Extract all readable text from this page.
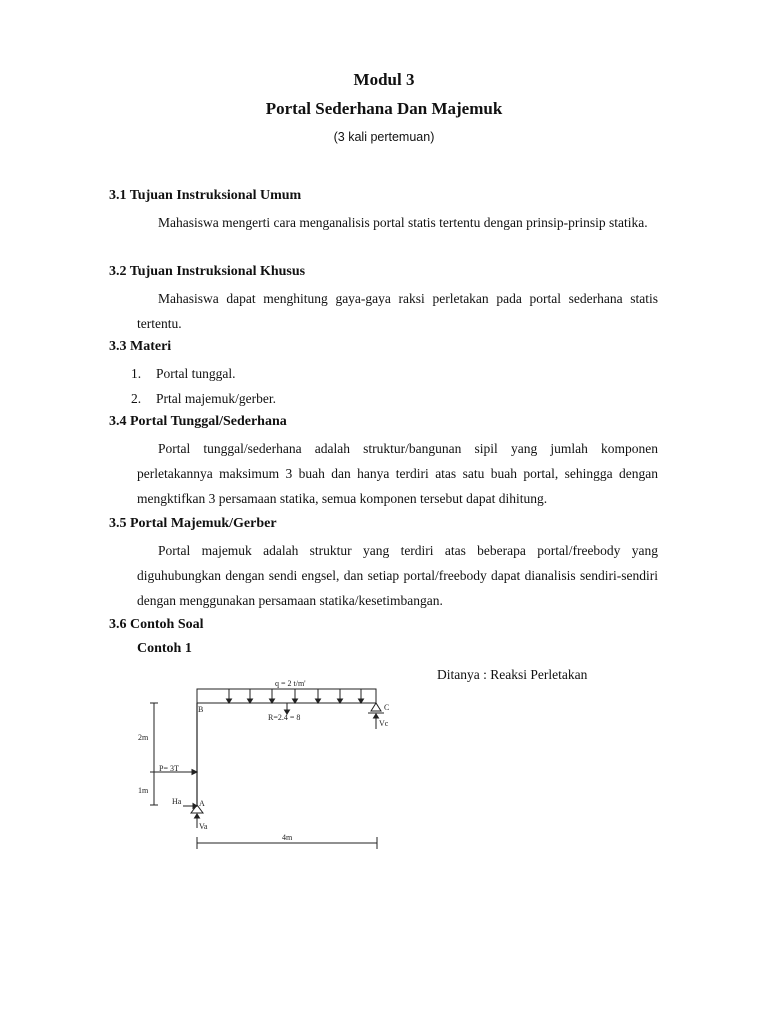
Modul 3
Portal Sederhana Dan Majemuk
(3 kali pertemuan)
3.1 Tujuan Instruksional Umum

Mahasiswa mengerti cara menganalisis portal statis tertentu dengan prinsip-prinsip statika.

3.2 Tujuan Instruksional Khusus

Mahasiswa dapat menghitung gaya-gaya raksi perletakan pada portal sederhana statis tertentu.

3.3 Materi
1. Portal tunggal.
2. Prtal majemuk/gerber.
3.4 Portal Tunggal/Sederhana

Portal tunggal/sederhana adalah struktur/bangunan sipil yang jumlah komponen perletakannya maksimum 3 buah dan hanya terdiri atas satu buah portal, sehingga dengan mengktifkan 3 persamaan statika, semua komponen tersebut dapat dihitung.

3.5 Portal Majemuk/Gerber

Portal majemuk adalah struktur yang terdiri atas beberapa portal/freebody yang diguhubungkan dengan sendi engsel, dan setiap portal/freebody dapat dianalisis sendiri-sendiri dengan menggunakan persamaan statika/kesetimbangan.

3.6 Contoh Soal
Contoh 1
Ditanya : Reaksi Perletakan
q = 2 t/m'
R=2.4 = 8
B	C
A
Vc
Va
Ha
P= 3T
2m
1m
4m
